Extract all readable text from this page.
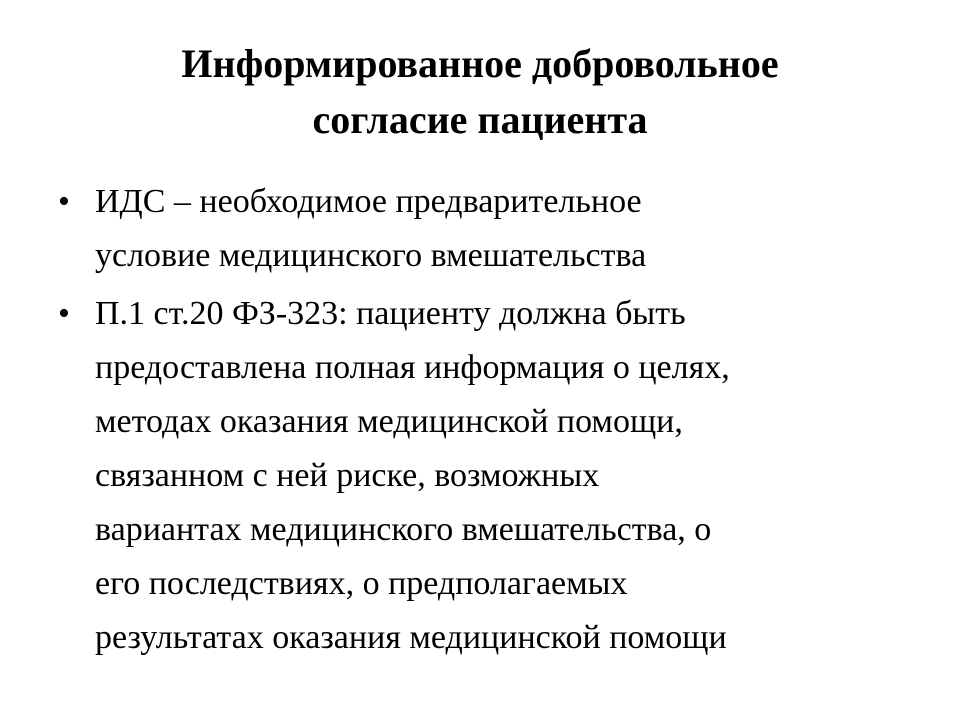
Информированное добровольное
согласие пациента
• ИДС – необходимое предварительное
условие медицинского вмешательства
• П.1 ст.20 ФЗ-323: пациенту должна быть
предоставлена полная информация о целях,
методах оказания медицинской помощи,
связанном с ней риске, возможных
вариантах медицинского вмешательства, о
его последствиях, о предполагаемых
результатах оказания медицинской помощи
